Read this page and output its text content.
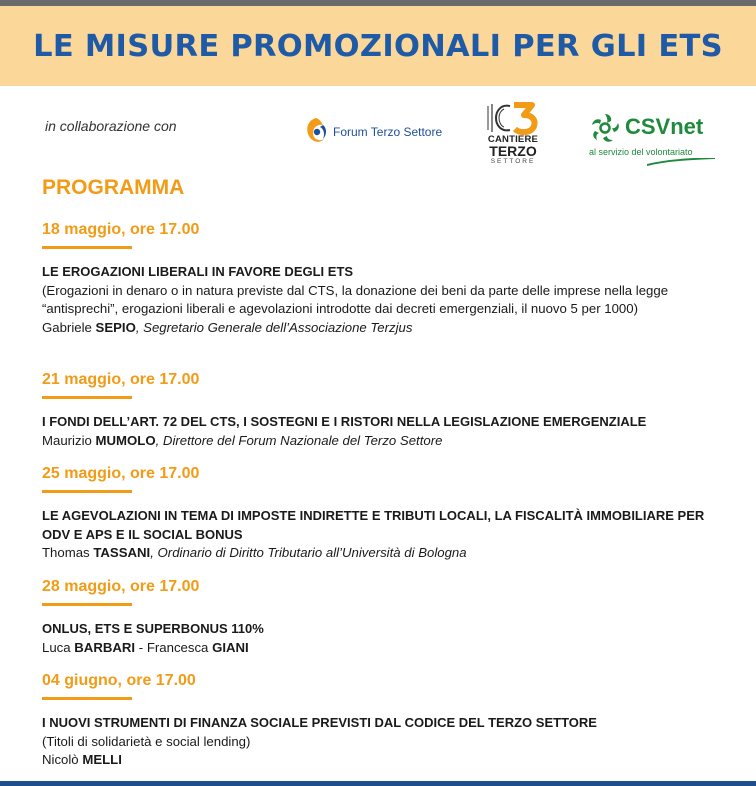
LE MISURE PROMOZIONALI PER GLI ETS
in collaborazione con	Forum Terzo Settore
CANTIERE
TERZO
SETTORE
CSVnet
al servizio del volontariato
PROGRAMMA
18 maggio, ore 17.00
LE EROGAZIONI LIBERALI IN FAVORE DEGLI ETS
(Erogazioni in denaro o in natura previste dal CTS, la donazione dei beni da parte delle imprese nella legge “antisprechi”, erogazioni liberali e agevolazioni introdotte dai decreti emergenziali, il nuovo 5 per 1000)
Gabriele SEPIO, Segretario Generale dell’Associazione Terzjus
21 maggio, ore 17.00
I FONDI DELL’ART. 72 DEL CTS, I SOSTEGNI E I RISTORI NELLA LEGISLAZIONE EMERGENZIALE
Maurizio MUMOLO, Direttore del Forum Nazionale del Terzo Settore
25 maggio, ore 17.00
LE AGEVOLAZIONI IN TEMA DI IMPOSTE INDIRETTE E TRIBUTI LOCALI, LA FISCALITÀ IMMOBILIARE PER ODV E APS E IL SOCIAL BONUS
Thomas TASSANI, Ordinario di Diritto Tributario all’Università di Bologna
28 maggio, ore 17.00
ONLUS, ETS E SUPERBONUS 110%
Luca BARBARI - Francesca GIANI
04 giugno, ore 17.00
I NUOVI STRUMENTI DI FINANZA SOCIALE PREVISTI DAL CODICE DEL TERZO SETTORE
(Titoli di solidarietà e social lending)
Nicolò MELLI
